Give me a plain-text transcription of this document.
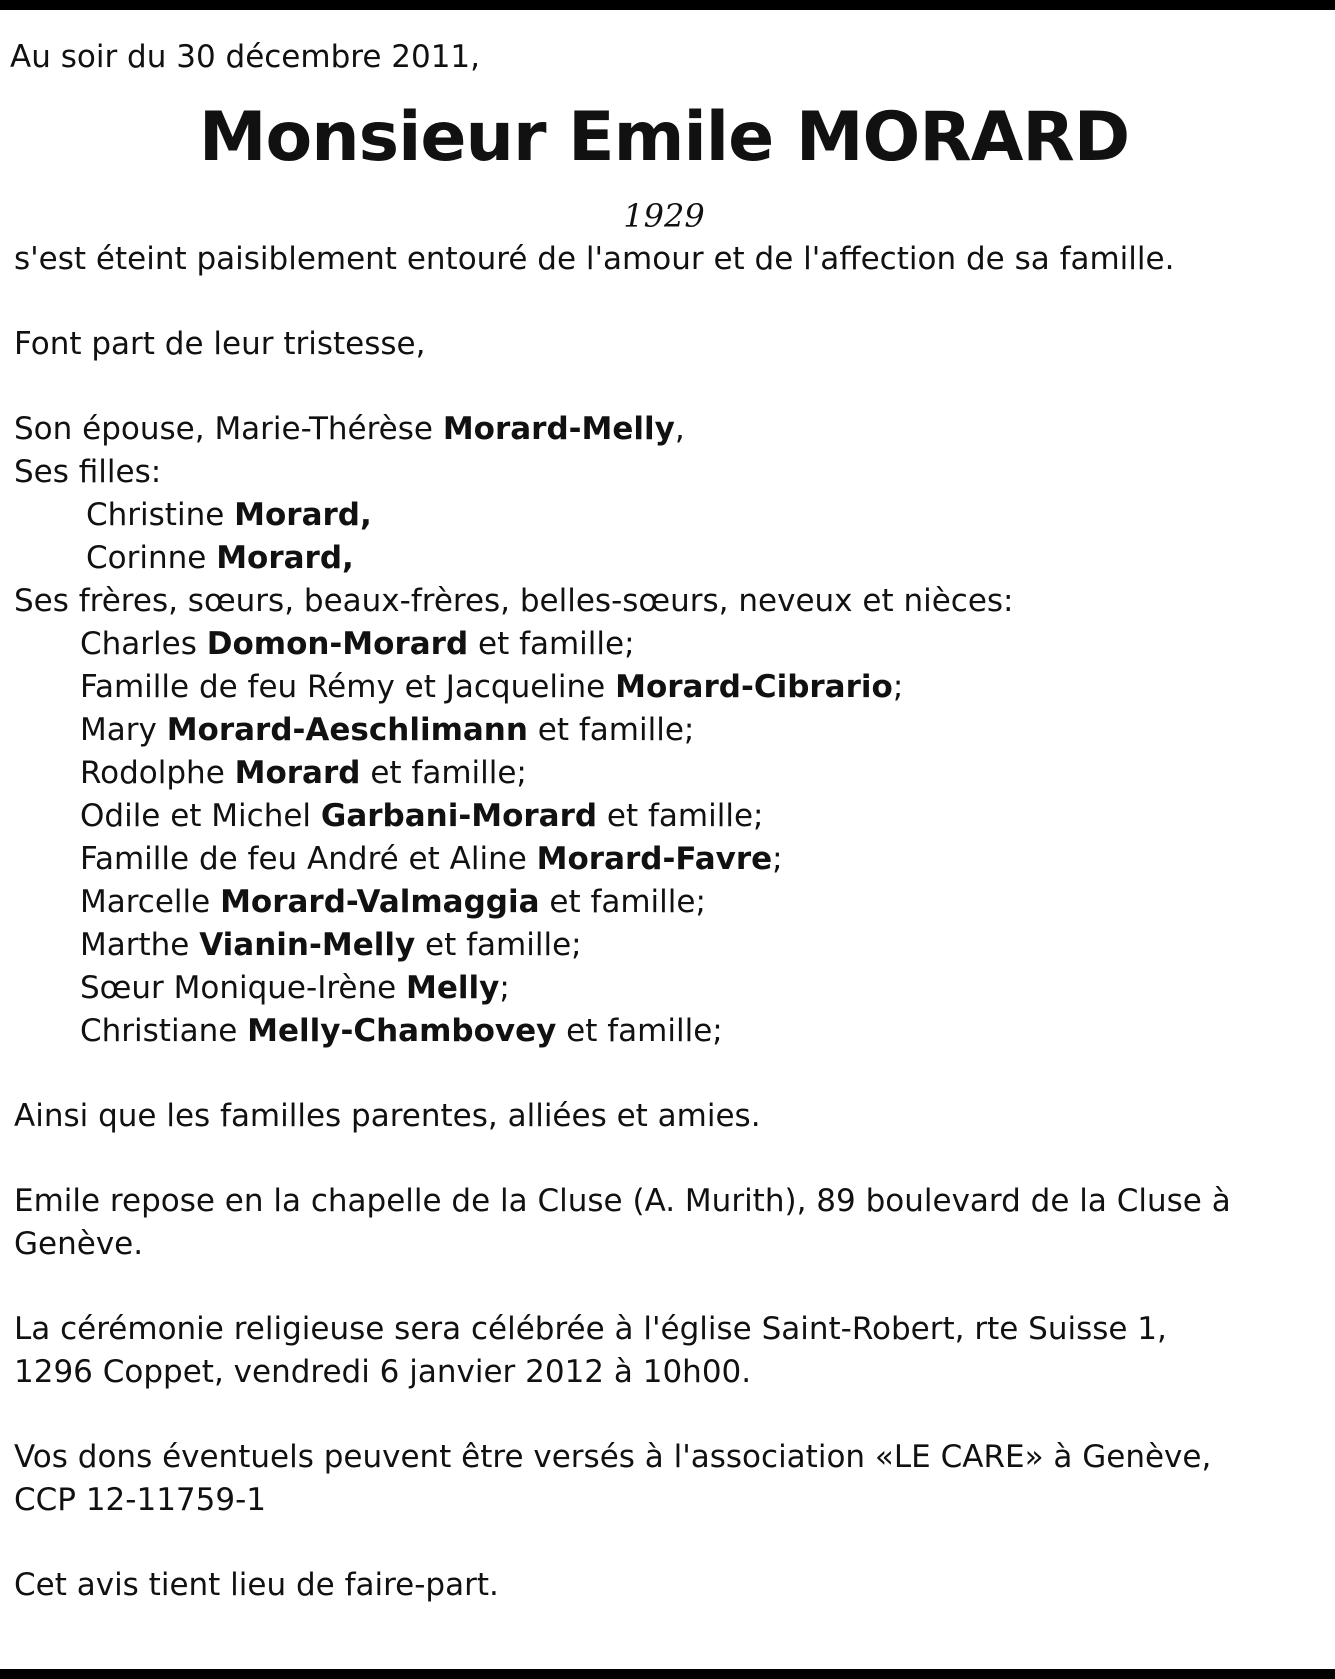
Au soir du 30 décembre 2011,

Monsieur Emile MORARD
1929

s'est éteint paisiblement entouré de l'amour et de l'affection de sa famille.

Font part de leur tristesse,

Son épouse, Marie-Thérèse Morard-Melly,

Ses filles:

Christine Morard,

Corinne Morard,

Ses frères, sœurs, beaux-frères, belles-sœurs, neveux et nièces:

Charles Domon-Morard et famille;

Famille de feu Rémy et Jacqueline Morard-Cibrario;

Mary Morard-Aeschlimann et famille;

Rodolphe Morard et famille;

Odile et Michel Garbani-Morard et famille;

Famille de feu André et Aline Morard-Favre;

Marcelle Morard-Valmaggia et famille;

Marthe Vianin-Melly et famille;

Sœur Monique-Irène Melly;

Christiane Melly-Chambovey et famille;

Ainsi que les familles parentes, alliées et amies.

Emile repose en la chapelle de la Cluse (A. Murith), 89 boulevard de la Cluse à

Genève.

La cérémonie religieuse sera célébrée à l'église Saint-Robert, rte Suisse 1,

1296 Coppet, vendredi 6 janvier 2012 à 10h00.

Vos dons éventuels peuvent être versés à l'association «LE CARE» à Genève,

CCP 12-11759-1

Cet avis tient lieu de faire-part.
